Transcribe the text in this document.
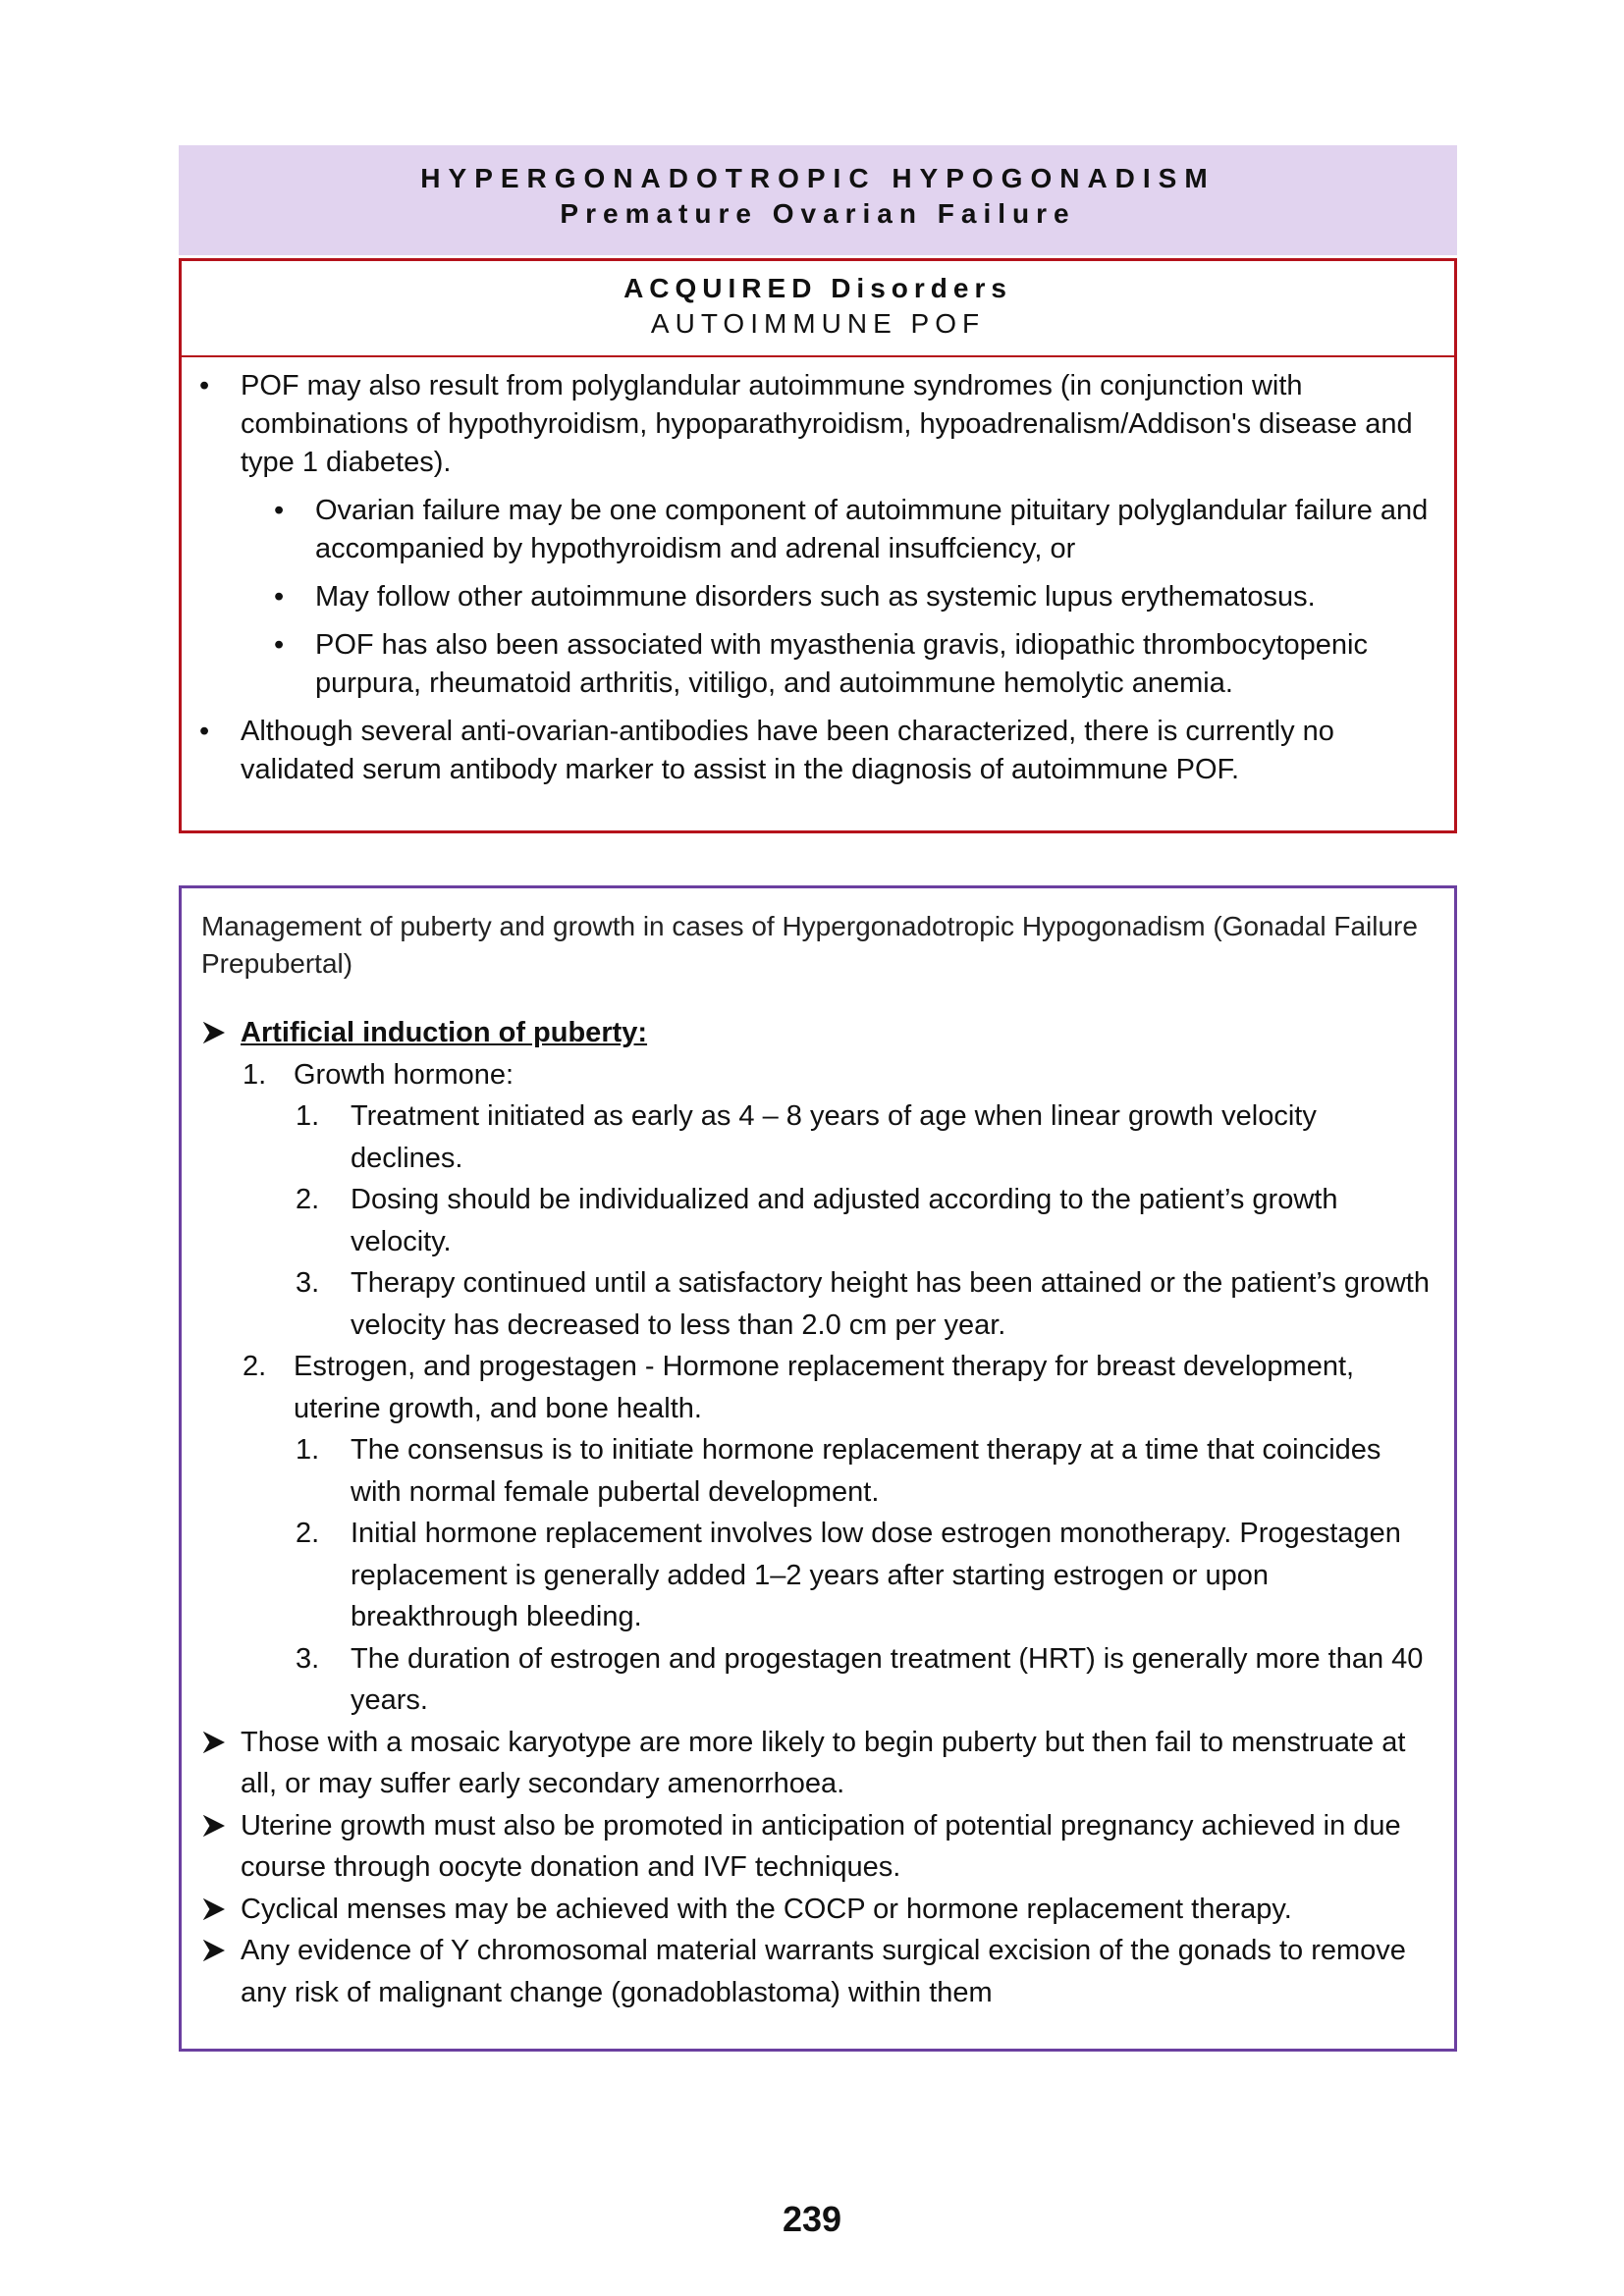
HYPERGONADOTROPIC HYPOGONADISM
Premature Ovarian Failure
ACQUIRED Disorders
AUTOIMMUNE POF
• POF may also result from polyglandular autoimmune syndromes (in conjunction with combinations of hypothyroidism, hypoparathyroidism, hypoadrenalism/Addison's disease and type 1 diabetes).
• Ovarian failure may be one component of autoimmune pituitary polyglandular failure and accompanied by hypothyroidism and adrenal insuffciency, or
• May follow other autoimmune disorders such as systemic lupus erythematosus.
• POF has also been associated with myasthenia gravis, idiopathic thrombocytopenic purpura, rheumatoid arthritis, vitiligo, and autoimmune hemolytic anemia.
• Although several anti-ovarian-antibodies have been characterized, there is currently no validated serum antibody marker to assist in the diagnosis of autoimmune POF.
Management of puberty and growth in cases of Hypergonadotropic Hypogonadism (Gonadal Failure Prepubertal)
Artificial induction of puberty:
1. Growth hormone:
1. Treatment initiated as early as 4 – 8 years of age when linear growth velocity declines.
2. Dosing should be individualized and adjusted according to the patient’s growth velocity.
3. Therapy continued until a satisfactory height has been attained or the patient’s growth velocity has decreased to less than 2.0 cm per year.
2. Estrogen, and progestagen - Hormone replacement therapy for breast development, uterine growth, and bone health.
1. The consensus is to initiate hormone replacement therapy at a time that coincides with normal female pubertal development.
2. Initial hormone replacement involves low dose estrogen monotherapy. Progestagen replacement is generally added 1–2 years after starting estrogen or upon breakthrough bleeding.
3. The duration of estrogen and progestagen treatment (HRT) is generally more than 40 years.
Those with a mosaic karyotype are more likely to begin puberty but then fail to menstruate at all, or may suffer early secondary amenorrhoea.
Uterine growth must also be promoted in anticipation of potential pregnancy achieved in due course through oocyte donation and IVF techniques.
Cyclical menses may be achieved with the COCP or hormone replacement therapy.
Any evidence of Y chromosomal material warrants surgical excision of the gonads to remove any risk of malignant change (gonadoblastoma) within them
239
